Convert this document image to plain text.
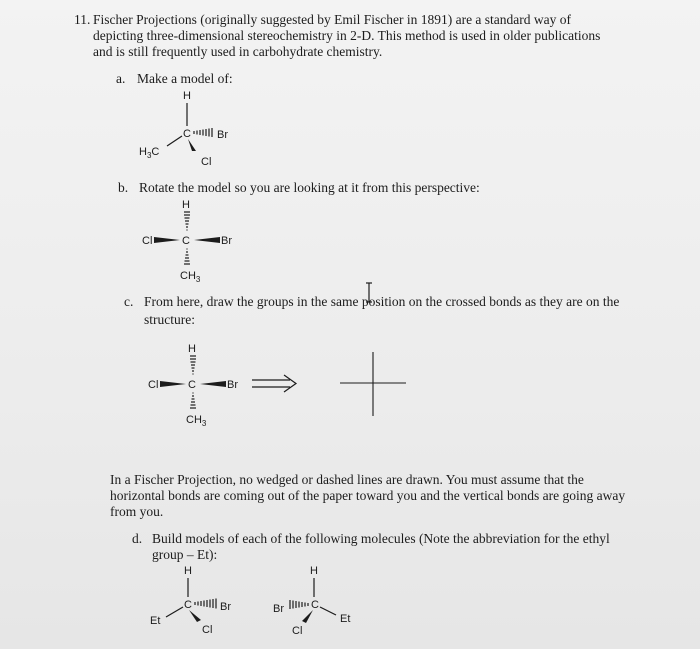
11. Fischer Projections (originally suggested by Emil Fischer in 1891) are a standard way of
depicting three-dimensional stereochemistry in 2-D. This method is used in older publications
and is still frequently used in carbohydrate chemistry.
a. Make a model of:
H
C Br
$H_3C$
Cl
b. Rotate the model so you are looking at it from this perspective:
H
Cl	C	Br
$CH_3$
c. From here, draw the groups in the same position on the crossed bonds as they are on the
structure:
H
Cl	C	Br
$CH_3$
In a Fischer Projection, no wedged or dashed lines are drawn. You must assume that the
horizontal bonds are coming out of the paper toward you and the vertical bonds are going away
from you.
d. Build models of each of the following molecules (Note the abbreviation for the ethyl
group – Et):
H
C	Br
Et
Cl
H
C
Br
Et
Cl
